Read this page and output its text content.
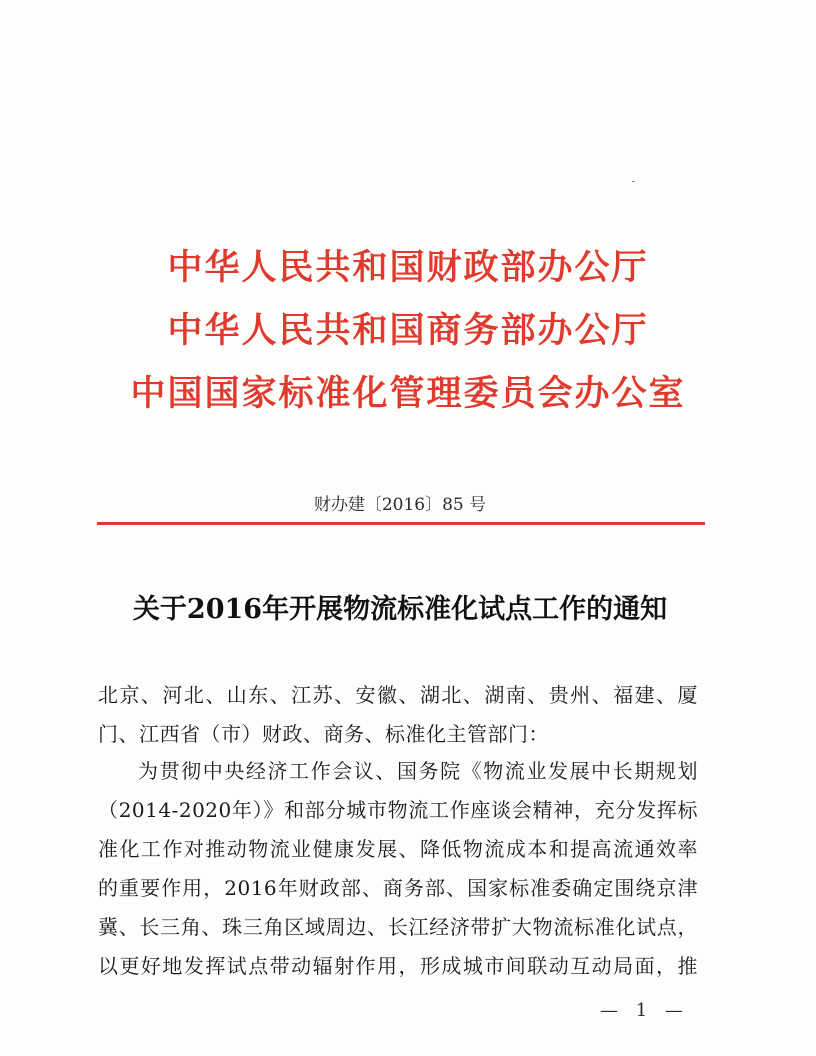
中华人民共和国财政部办公厅
中华人民共和国商务部办公厅
中国国家标准化管理委员会办公室
财办建〔2016〕85 号
关于2016年开展物流标准化试点工作的通知
北京、河北、山东、江苏、安徽、湖北、湖南、贵州、福建、厦
门、江西省（市）财政、商务、标准化主管部门：
为贯彻中央经济工作会议、国务院《物流业发展中长期规划
（2014-2020年）》和部分城市物流工作座谈会精神，充分发挥标
准化工作对推动物流业健康发展、降低物流成本和提高流通效率
的重要作用，2016年财政部、商务部、国家标准委确定围绕京津
冀、长三角、珠三角区域周边、长江经济带扩大物流标准化试点，
以更好地发挥试点带动辐射作用，形成城市间联动互动局面，推
— 1 —
